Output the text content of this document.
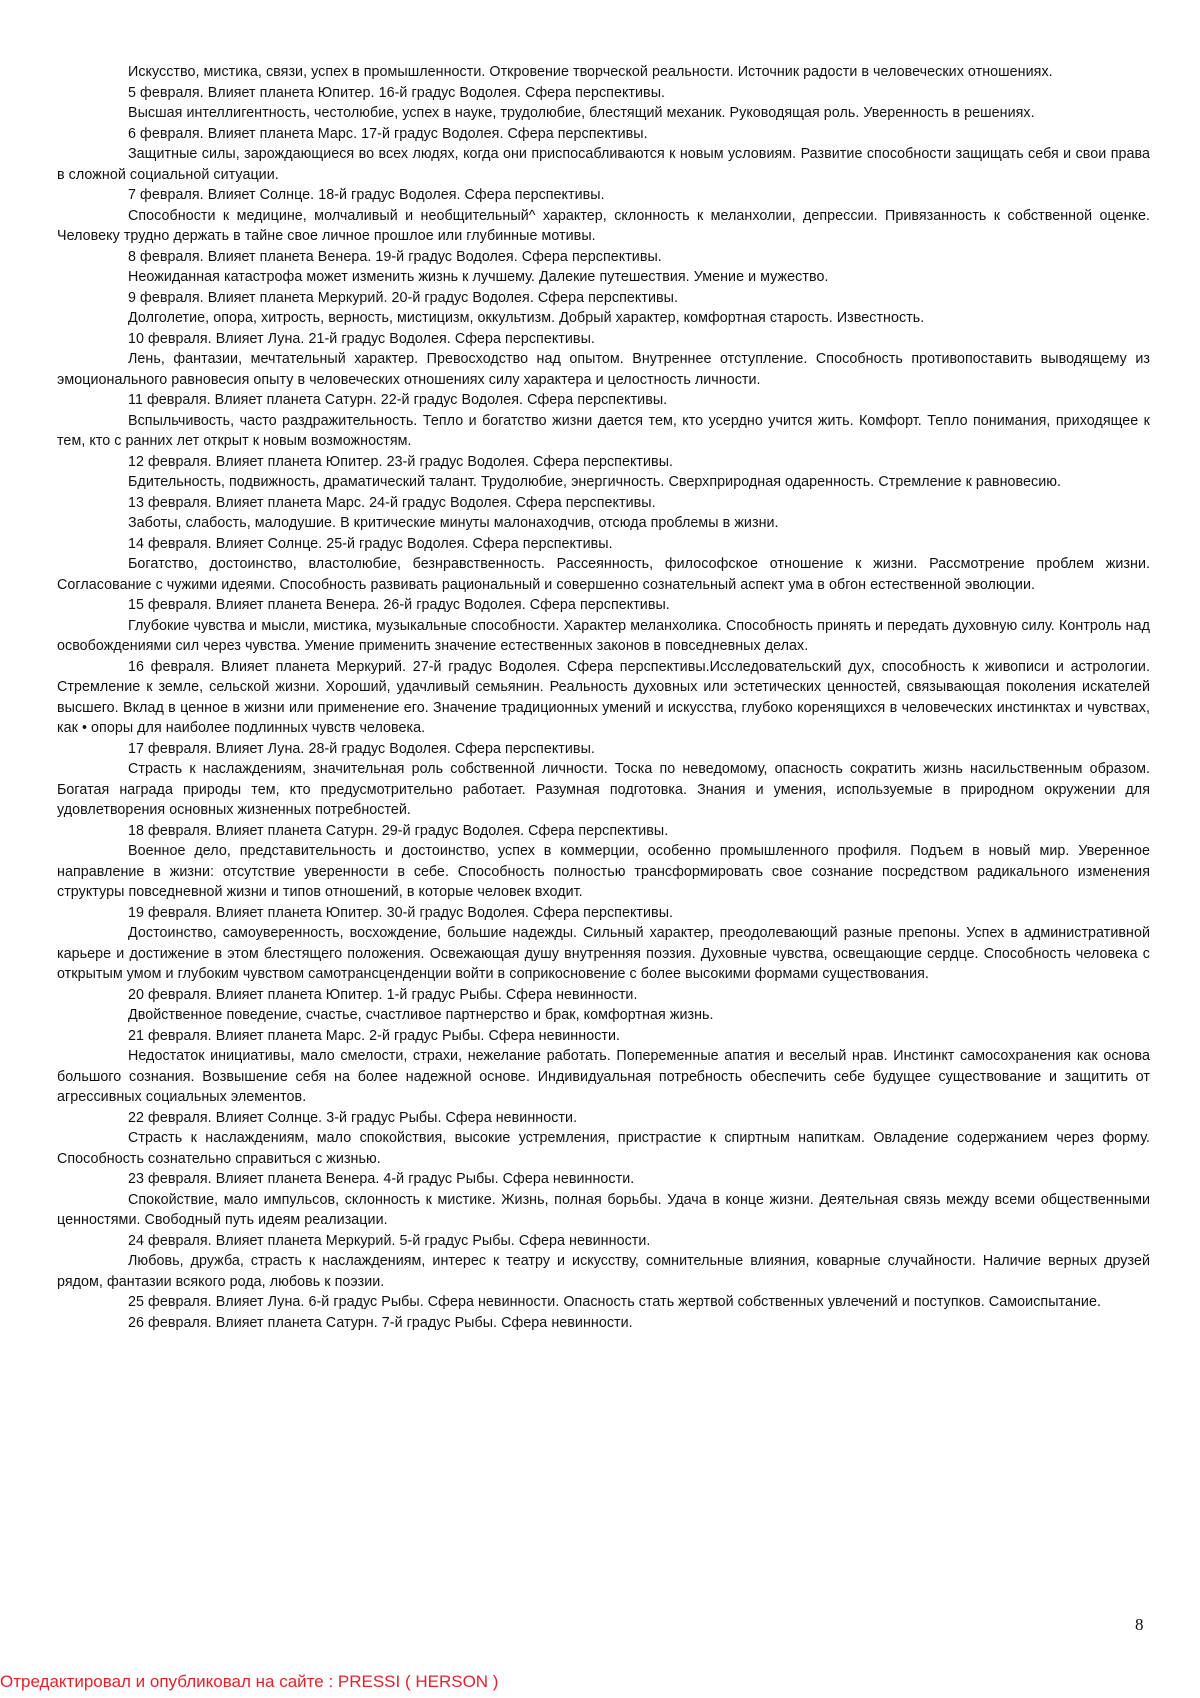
Искусство, мистика, связи, успех в промышленности. Откровение творческой реальности. Источник радости в человеческих отношениях.

5 февраля. Влияет планета Юпитер. 16-й градус Водолея. Сфера перспективы.

Высшая интеллигентность, честолюбие, успех в науке, трудолюбие, блестящий механик. Руководящая роль. Уверенность в решениях.

6 февраля. Влияет планета Марс. 17-й градус Водолея. Сфера перспективы.

Защитные силы, зарождающиеся во всех людях, когда они приспосабливаются к новым условиям. Развитие способности защищать себя и свои права в сложной социальной ситуации.

7 февраля. Влияет Солнце. 18-й градус Водолея. Сфера перспективы.

Способности к медицине, молчаливый и необщительный^ характер, склонность к меланхолии, депрессии. Привязанность к собственной оценке. Человеку трудно держать в тайне свое личное прошлое или глубинные мотивы.

8 февраля. Влияет планета Венера. 19-й градус Водолея. Сфера перспективы.

Неожиданная катастрофа может изменить жизнь к лучшему. Далекие путешествия. Умение и мужество.

9 февраля. Влияет планета Меркурий. 20-й градус Водолея. Сфера перспективы.

Долголетие, опора, хитрость, верность, мистицизм, оккультизм. Добрый характер, комфортная старость. Известность.

10 февраля. Влияет Луна. 21-й градус Водолея. Сфера перспективы.

Лень, фантазии, мечтательный характер. Превосходство над опытом. Внутреннее отступление. Способность противопоставить выводящему из эмоционального равновесия опыту в человеческих отношениях силу характера и целостность личности.

11 февраля. Влияет планета Сатурн. 22-й градус Водолея. Сфера перспективы.

Вспыльчивость, часто раздражительность. Тепло и богатство жизни дается тем, кто усердно учится жить. Комфорт. Тепло понимания, приходящее к тем, кто с ранних лет открыт к новым возможностям.

12 февраля. Влияет планета Юпитер. 23-й градус Водолея. Сфера перспективы.

Бдительность, подвижность, драматический талант. Трудолюбие, энергичность. Сверхприродная одаренность. Стремление к равновесию.

13 февраля. Влияет планета Марс. 24-й градус Водолея. Сфера перспективы.

Заботы, слабость, малодушие. В критические минуты малонаходчив, отсюда проблемы в жизни.

14 февраля. Влияет Солнце. 25-й градус Водолея. Сфера перспективы.

Богатство, достоинство, властолюбие, безнравственность. Рассеянность, философское отношение к жизни. Рассмотрение проблем жизни. Согласование с чужими идеями. Способность развивать рациональный и совершенно сознательный аспект ума в обгон естественной эволюции.

15 февраля. Влияет планета Венера. 26-й градус Водолея. Сфера перспективы.

Глубокие чувства и мысли, мистика, музыкальные способности. Характер меланхолика. Способность принять и передать духовную силу. Контроль над освобождениями сил через чувства. Умение применить значение естественных законов в повседневных делах.

16 февраля. Влияет планета Меркурий. 27-й градус Водолея. Сфера перспективы.Исследовательский дух, способность к живописи и астрологии. Стремление к земле, сельской жизни. Хороший, удачливый семьянин. Реальность духовных или эстетических ценностей, связывающая поколения искателей высшего. Вклад в ценное в жизни или применение его. Значение традиционных умений и искусства, глубоко коренящихся в человеческих инстинктах и чувствах, как • опоры для наиболее подлинных чувств человека.

17 февраля. Влияет Луна. 28-й градус Водолея. Сфера перспективы.

Страсть к наслаждениям, значительная роль собственной личности. Тоска по неведомому, опасность сократить жизнь насильственным образом. Богатая награда природы тем, кто предусмотрительно работает. Разумная подготовка. Знания и умения, используемые в природном окружении для удовлетворения основных жизненных потребностей.

18 февраля. Влияет планета Сатурн. 29-й градус Водолея. Сфера перспективы.

Военное дело, представительность и достоинство, успех в коммерции, особенно промышленного профиля. Подъем в новый мир. Уверенное направление в жизни: отсутствие уверенности в себе. Способность полностью трансформировать свое сознание посредством радикального изменения структуры повседневной жизни и типов отношений, в которые человек входит.

19 февраля. Влияет планета Юпитер. 30-й градус Водолея. Сфера перспективы.

Достоинство, самоуверенность, восхождение, большие надежды. Сильный характер, преодолевающий разные препоны. Успех в административной карьере и достижение в этом блестящего положения. Освежающая душу внутренняя поэзия. Духовные чувства, освещающие сердце. Способность человека с открытым умом и глубоким чувством самотрансценденции войти в соприкосновение с более высокими формами существования.

20 февраля. Влияет планета Юпитер. 1-й градус Рыбы. Сфера невинности.

Двойственное поведение, счастье, счастливое партнерство и брак, комфортная жизнь.

21 февраля. Влияет планета Марс. 2-й градус Рыбы. Сфера невинности.

Недостаток инициативы, мало смелости, страхи, нежелание работать. Попеременные апатия и веселый нрав. Инстинкт самосохранения как основа большого сознания. Возвышение себя на более надежной основе. Индивидуальная потребность обеспечить себе будущее существование и защитить от агрессивных социальных элементов.

22 февраля. Влияет Солнце. 3-й градус Рыбы. Сфера невинности.

Страсть к наслаждениям, мало спокойствия, высокие устремления, пристрастие к спиртным напиткам. Овладение содержанием через форму. Способность сознательно справиться с жизнью.

23 февраля. Влияет планета Венера. 4-й градус Рыбы. Сфера невинности.

Спокойствие, мало импульсов, склонность к мистике. Жизнь, полная борьбы. Удача в конце жизни. Деятельная связь между всеми общественными ценностями. Свободный путь идеям реализации.

24 февраля. Влияет планета Меркурий. 5-й градус Рыбы. Сфера невинности.

Любовь, дружба, страсть к наслаждениям, интерес к театру и искусству, сомнительные влияния, коварные случайности. Наличие верных друзей рядом, фантазии всякого рода, любовь к поэзии.

25 февраля. Влияет Луна. 6-й градус Рыбы. Сфера невинности. Опасность стать жертвой собственных увлечений и поступков. Самоиспытание.

26 февраля. Влияет планета Сатурн. 7-й градус Рыбы. Сфера невинности.

8
Отредактировал и опубликовал на сайте : PRESSI ( HERSON )
